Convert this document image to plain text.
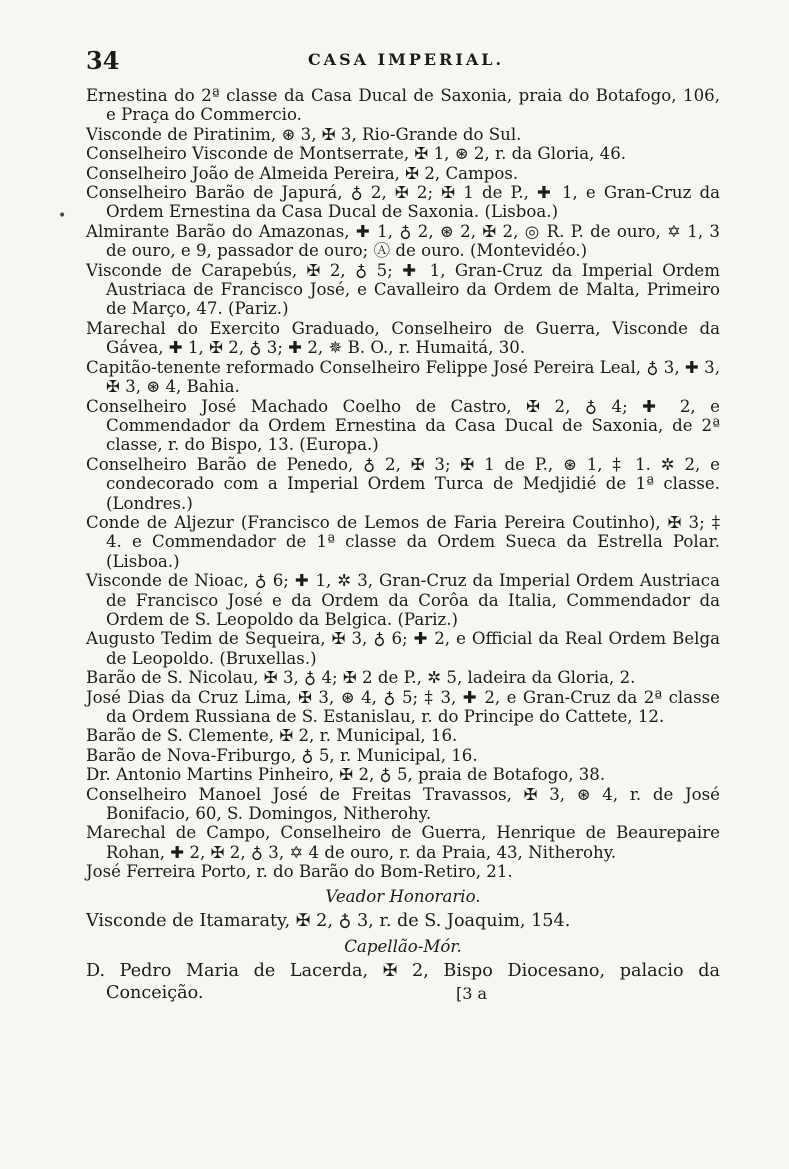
34	CASA IMPERIAL.
•

Ernestina do 2ª classe da Casa Ducal de Saxonia, praia do Botafogo, 106, e Praça do Commercio.

Visconde de Piratinim, ⊛ 3, ✠ 3, Rio-Grande do Sul.

Conselheiro Visconde de Montserrate, ✠ 1, ⊛ 2, r. da Gloria, 46.

Conselheiro João de Almeida Pereira, ✠ 2, Campos.

Conselheiro Barão de Japurá, ♁ 2, ✠ 2; ✠ 1 de P., ✚ 1, e Gran-Cruz da Ordem Ernestina da Casa Ducal de Saxonia. (Lisboa.)

Almirante Barão do Amazonas, ✚ 1, ♁ 2, ⊛ 2, ✠ 2, ◎ R. P. de ouro, ✡ 1, 3 de ouro, e 9, passador de ouro; Ⓐ de ouro. (Montevidéo.)

Visconde de Carapebús, ✠ 2, ♁ 5; ✚ 1, Gran-Cruz da Imperial Ordem Austriaca de Francisco José, e Cavalleiro da Ordem de Malta, Primeiro de Março, 47. (Pariz.)

Marechal do Exercito Graduado, Conselheiro de Guerra, Visconde da Gávea, ✚ 1, ✠ 2, ♁ 3; ✚ 2, ✵ B. O., r. Humaitá, 30.

Capitão-tenente reformado Conselheiro Felippe José Pereira Leal, ♁ 3, ✚ 3, ✠ 3, ⊛ 4, Bahia.

Conselheiro José Machado Coelho de Castro, ✠ 2, ♁ 4; ✚ 2, e Commendador da Ordem Ernestina da Casa Ducal de Saxonia, de 2ª classe, r. do Bispo, 13. (Europa.)

Conselheiro Barão de Penedo, ♁ 2, ✠ 3; ✠ 1 de P., ⊛ 1, ‡ 1. ✲ 2, e condecorado com a Imperial Ordem Turca de Medjidié de 1ª classe. (Londres.)

Conde de Aljezur (Francisco de Lemos de Faria Pereira Coutinho), ✠ 3; ‡ 4. e Commendador de 1ª classe da Ordem Sueca da Estrella Polar. (Lisboa.)

Visconde de Nioac, ♁ 6; ✚ 1, ✲ 3, Gran-Cruz da Imperial Ordem Austriaca de Francisco José e da Ordem da Corôa da Italia, Commendador da Ordem de S. Leopoldo da Belgica. (Pariz.)

Augusto Tedim de Sequeira, ✠ 3, ♁ 6; ✚ 2, e Official da Real Ordem Belga de Leopoldo. (Bruxellas.)

Barão de S. Nicolau, ✠ 3, ♁ 4; ✠ 2 de P., ✲ 5, ladeira da Gloria, 2.

José Dias da Cruz Lima, ✠ 3, ⊛ 4, ♁ 5; ‡ 3, ✚ 2, e Gran-Cruz da 2ª classe da Ordem Russiana de S. Estanislau, r. do Principe do Cattete, 12.

Barão de S. Clemente, ✠ 2, r. Municipal, 16.

Barão de Nova-Friburgo, ♁ 5, r. Municipal, 16.

Dr. Antonio Martins Pinheiro, ✠ 2, ♁ 5, praia de Botafogo, 38.

Conselheiro Manoel José de Freitas Travassos, ✠ 3, ⊛ 4, r. de José Bonifacio, 60, S. Domingos, Nitherohy.

Marechal de Campo, Conselheiro de Guerra, Henrique de Beaurepaire Rohan, ✚ 2, ✠ 2, ♁ 3, ✡ 4 de ouro, r. da Praia, 43, Nitherohy.

José Ferreira Porto, r. do Barão do Bom-Retiro, 21.

Veador Honorario.

Visconde de Itamaraty, ✠ 2, ♁ 3, r. de S. Joaquim, 154.

Capellão-Mór.

D. Pedro Maria de Lacerda, ✠ 2, Bispo Diocesano, palacio da Conceição.	[3 a
